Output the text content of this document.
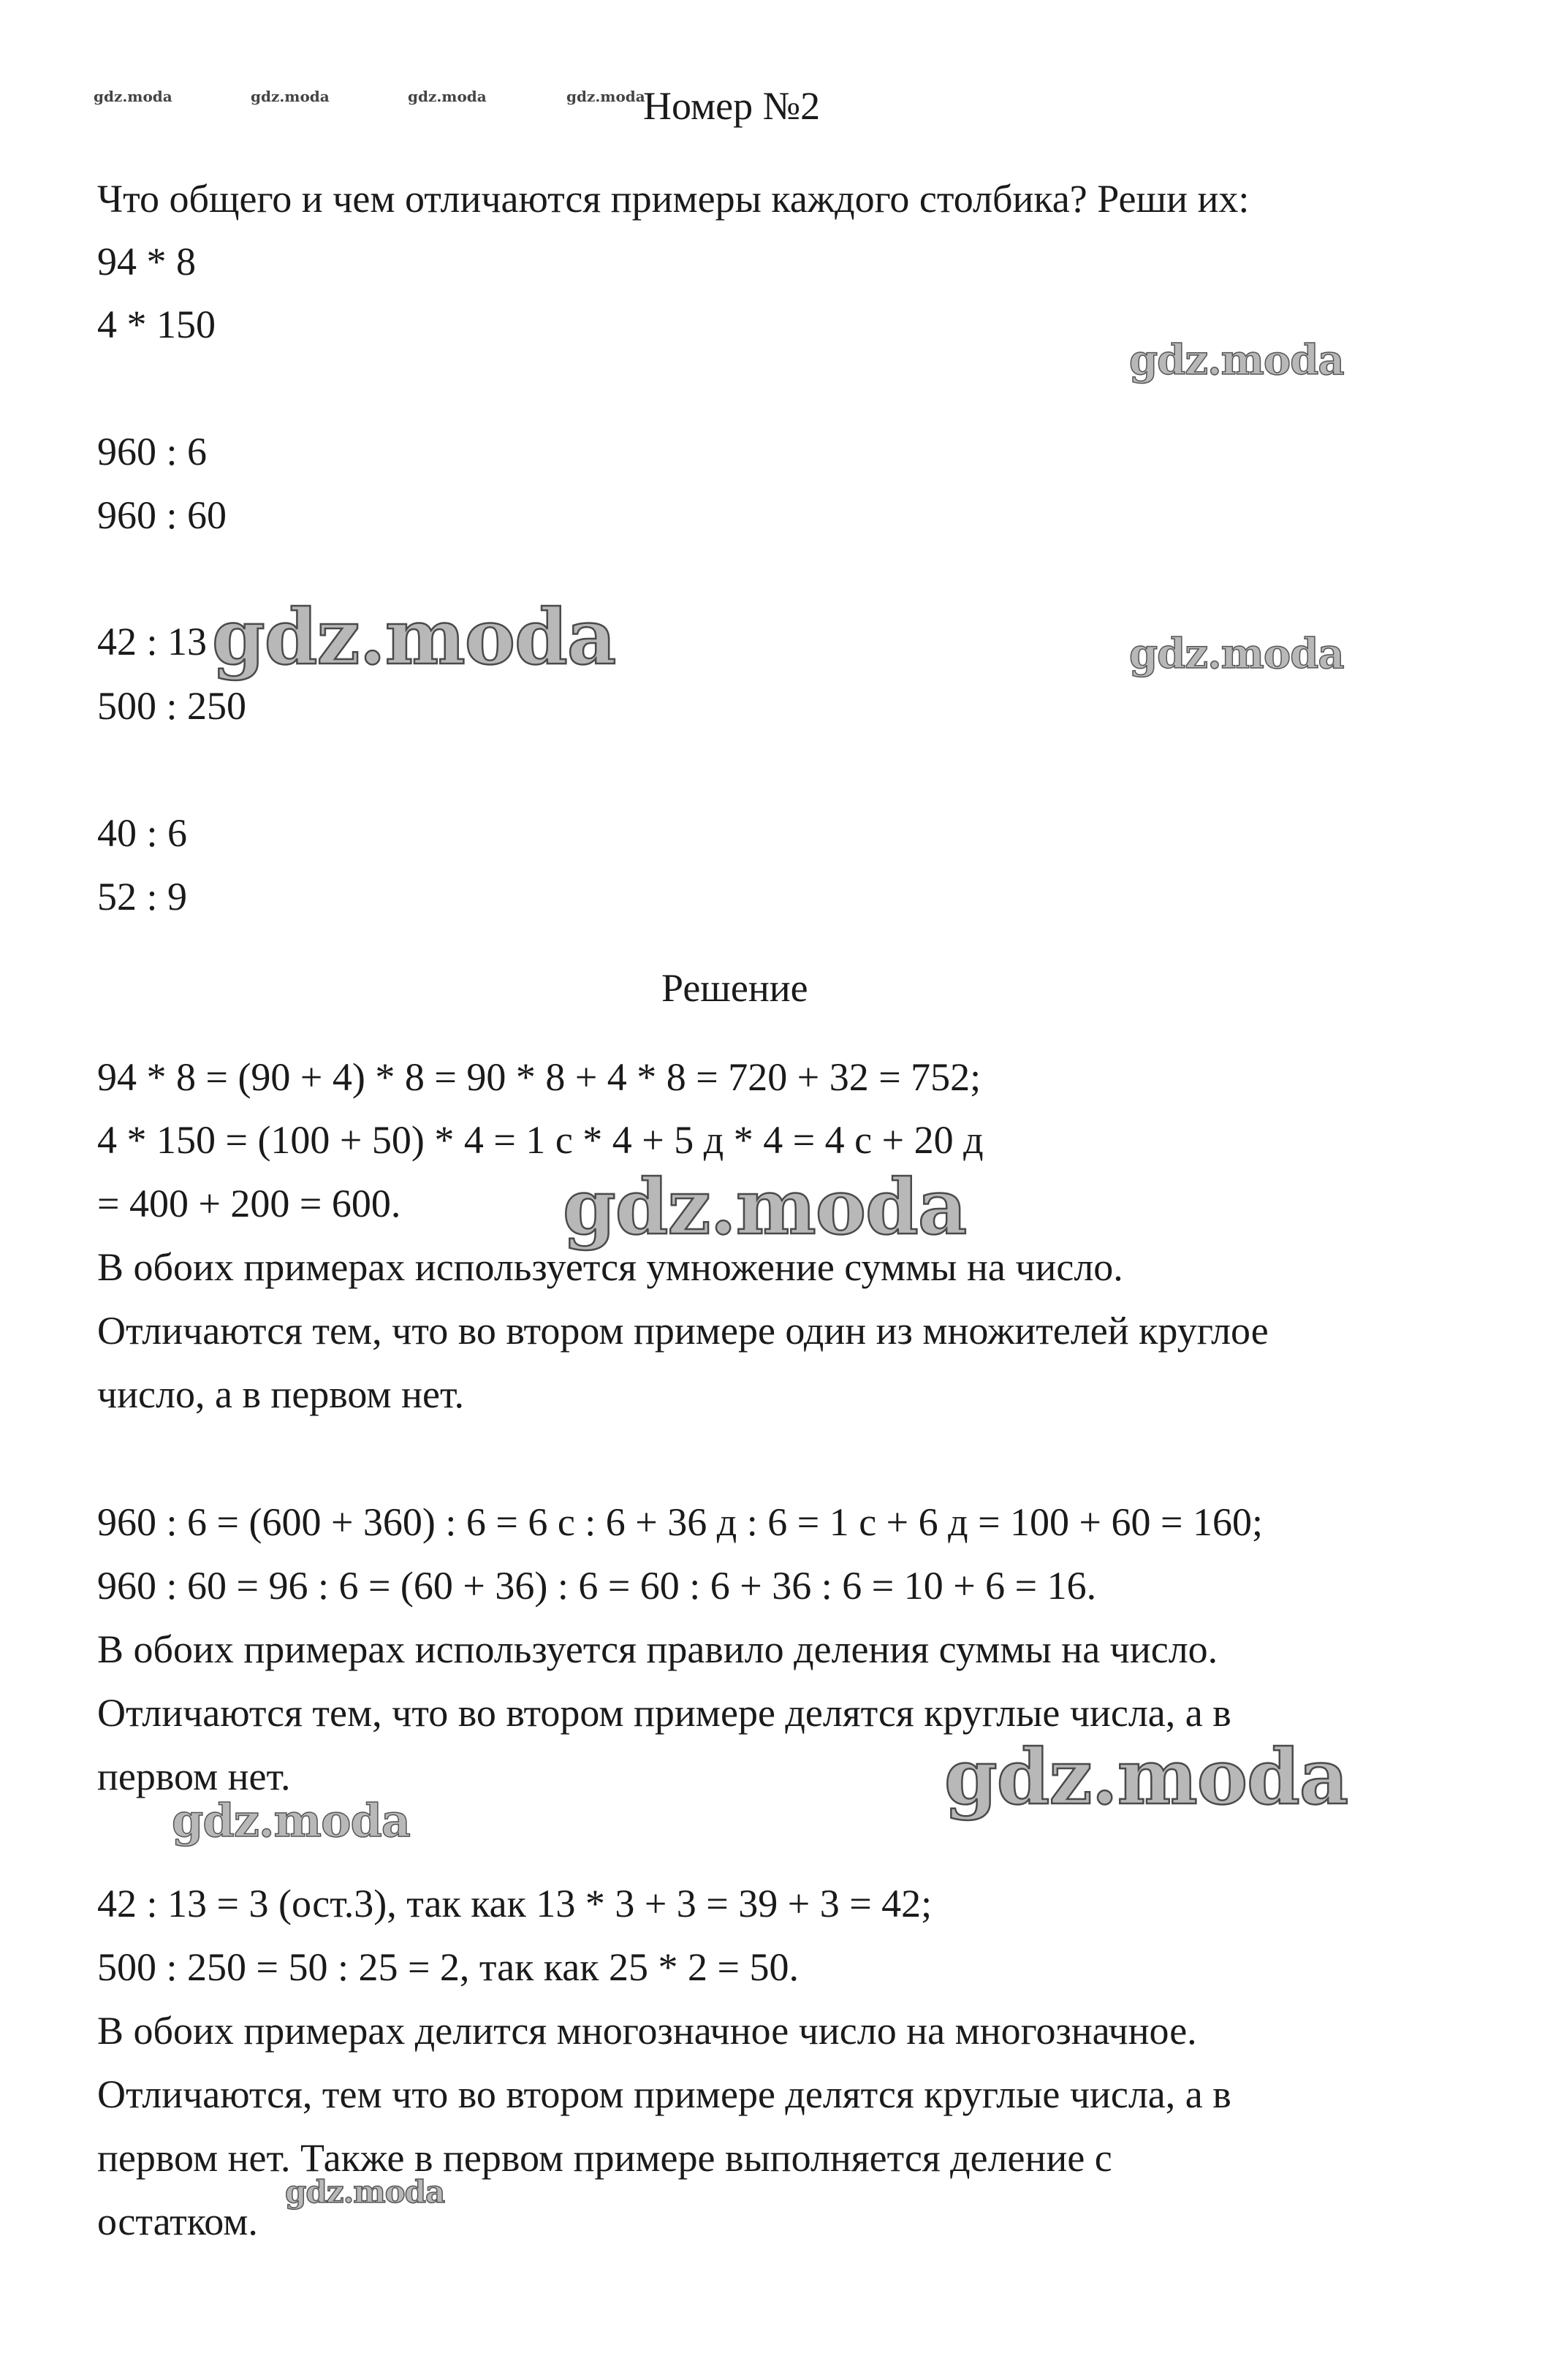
gdz.moda	gdz.moda	gdz.moda	gdz.moda
Номер №2
Что общего и чем отличаются примеры каждого столбика? Реши их:
94 * 8
4 * 150
960 : 6
960 : 60
42 : 13
500 : 250
40 : 6
52 : 9
Решение
94 * 8 = (90 + 4) * 8 = 90 * 8 + 4 * 8 = 720 + 32 = 752;
4 * 150 = (100 + 50) * 4 = 1 с * 4 + 5 д * 4 = 4 с + 20 д
= 400 + 200 = 600.
В обоих примерах используется умножение суммы на число.
Отличаются тем, что во втором примере один из множителей круглое
число, а в первом нет.
960 : 6 = (600 + 360) : 6 = 6 с : 6 + 36 д : 6 = 1 с + 6 д = 100 + 60 = 160;
960 : 60 = 96 : 6 = (60 + 36) : 6 = 60 : 6 + 36 : 6 = 10 + 6 = 16.
В обоих примерах используется правило деления суммы на число.
Отличаются тем, что во втором примере делятся круглые числа, а в
первом нет.
42 : 13 = 3 (ост.3), так как 13 * 3 + 3 = 39 + 3 = 42;
500 : 250 = 50 : 25 = 2, так как 25 * 2 = 50.
В обоих примерах делится многозначное число на многозначное.
Отличаются, тем что во втором примере делятся круглые числа, а в
первом нет. Также в первом примере выполняется деление с
остатком.
gdz.moda
gdz.moda	gdz.moda
gdz.moda
gdz.moda
gdz.moda
gdz.moda
